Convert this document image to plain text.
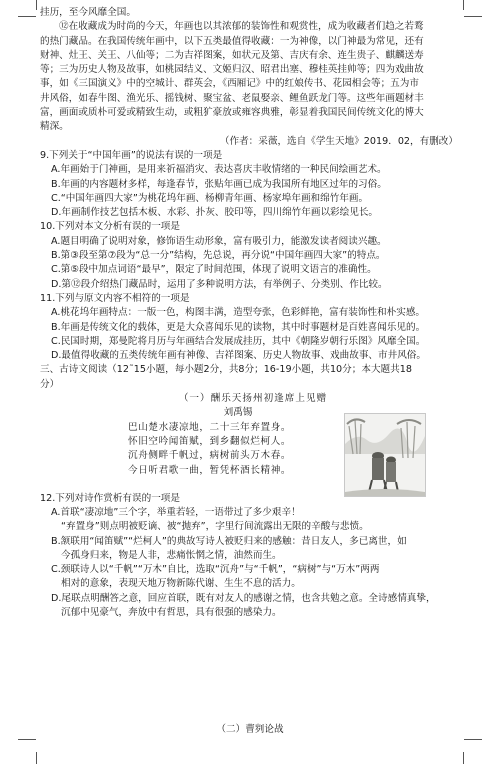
挂历，至今风靡全国。
⑫在收藏成为时尚的今天，年画也以其浓郁的装饰性和观赏性，成为收藏者们趋之若鹜
的热门藏品。在我国传统年画中，以下五类最值得收藏：一为神像，以门神最为常见，还有
财神、灶王、关王、八仙等；二为吉祥图案，如状元及第、吉庆有余、连生贵子、麒麟送寿
等；三为历史人物及故事，如桃园结义、文姬归汉、昭君出塞、穆桂英挂帅等；四为戏曲故
事，如《三国演义》中的空城计、群英会，《西厢记》中的红娘传书、花园相会等；五为市
井风俗，如春牛图、渔光乐、摇钱树、聚宝盆、老鼠娶亲、鲤鱼跃龙门等。这些年画题材丰
富，画面或质朴可爱或精致生动，或粗犷豪放或雍容典雅，彰显着我国民间传统文化的博大
精深。
（作者：采薇，选自《学生天地》2019．02，有删改）
9.下列关于“中国年画”的说法有误的一项是
A.年画始于门神画，是用来祈福消灾、表达喜庆丰收情绪的一种民间绘画艺术。
B.年画的内容题材多样，每逢春节，张贴年画已成为我国所有地区过年的习俗。
C.“中国年画四大家”为桃花坞年画、杨柳青年画、杨家埠年画和绵竹年画。
D.年画制作技艺包括木板、水彩、扑灰、胶印等，四川绵竹年画以彩绘见长。
10.下列对本文分析有误的一项是
A.题目明确了说明对象，修饰语生动形象，富有吸引力，能激发读者阅读兴趣。
B.第③段至第⑦段为“总一分”结构，先总说，再分说“中国年画四大家”的特点。
C.第⑤段中加点词语“最早”，限定了时间范围，体现了说明文语言的准确性。
D.第⑫段介绍热门藏品时，运用了多种说明方法，有举例子、分类别、作比较。
11.下列与原文内容不相符的一项是
A.桃花坞年画特点：一版一色，构图丰满，造型夸张，色彩鲜艳，富有装饰性和朴实感。
B.年画是传统文化的载体，更是大众喜闻乐见的读物，其中时事题材是百姓喜闻乐见的。
C.民国时期，郑曼陀将月历与年画结合发展成挂历，其中《朝隆岁朝行乐图》风靡全国。
D.最值得收藏的五类传统年画有神像、吉祥图案、历史人物故事、戏曲故事、市井风俗。
三、古诗文阅读（12˜15小题，每小题2分，共8分；16-19小题，共10分；本大题共18
分）
（一）酬乐天扬州初逢席上见赠
刘禹锡
巴山楚水凄凉地，二十三年弃置身。
怀旧空吟闻笛赋，到乡翻似烂柯人。
沉舟侧畔千帆过，病树前头万木春。
今日听君歌一曲，暂凭杯酒长精神。
12.下列对诗作赏析有误的一项是
A.首联“凄凉地”三个字，举重若轻，一语带过了多少艰辛！
“弃置身”则点明被贬谪、被“抛弃”，字里行间流露出无限的辛酸与悲愤。
B.颔联用“闻笛赋”“烂柯人”的典故写诗人被贬归来的感触：昔日友人，多已离世，如
今孤身归来，物是人非，悲痛怅惘之情，油然而生。
C.颈联诗人以“千帆”“万木”自比，选取“沉舟”与“千帆”，“病树”与“万木”两两
相对的意象，表现天地万物新陈代谢、生生不息的活力。
D.尾联点明酬答之意，回应首联，既有对友人的感谢之情，也含共勉之意。全诗感情真挚，
沉郁中见豪气，奔放中有哲思，具有很强的感染力。
（二）曹刿论战
